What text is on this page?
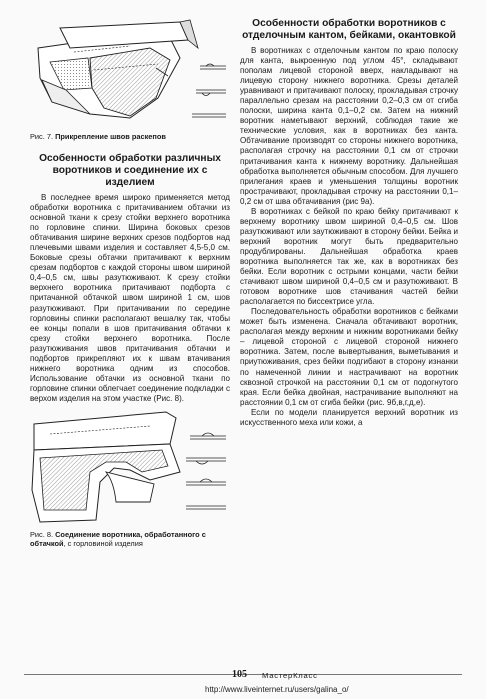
Рис. 7. Прикрепление швов раскепов
Особенности обработки различных воротников и соединение их с изделием

В последнее время широко применяется метод обработки воротника с притачиванием обтачки из основной ткани к срезу стойки верхнего воротника по горловине спинки. Ширина боковых срезов обтачивания ширине верхних срезов подбортов над плечевыми швами изделия и составляет 4,5-5,0 см. Боковые срезы обтачки притачивают к верхним срезам подбортов с каждой стороны швом шириной 0,4–0,5 см, швы разутюживают. К срезу стойки верхнего воротника притачивают подборта с притачанной обтачкой швом шириной 1 см, шов разутюживают. При притачивании по середине горловины спинки располагают вешалку так, чтобы ее концы попали в шов притачивания обтачки к срезу стойки верхнего воротника. После разутюживания швов притачивания обтачки и подбортов прикрепляют их к швам втачивания нижнего воротника одним из способов. Использование обтачки из основной ткани по горловине спинки облегчает соединение подкладки с верхом изделия на этом участке (Рис. 8).

Рис. 8. Соединение воротника, обработанного с обтачкой, с горловиной изделия
Особенности обработки воротников с отделочным кантом, бейками, окантовкой

В воротниках с отделочным кантом по краю полоску для канта, выкроенную под углом 45°, складывают пополам лицевой стороной вверх, накладывают на лицевую сторону нижнего воротника. Срезы деталей уравнивают и притачивают полоску, прокладывая строчку параллельно срезам на расстоянии 0,2–0,3 см от сгиба полоски, ширина канта 0,1–0,2 см. Затем на нижний воротник наметывают верхний, соблюдая такие же технические условия, как в воротниках без канта. Обтачивание производят со стороны нижнего воротника, располагая строчку на расстоянии 0,1 см от строчки притачивания канта к нижнему воротнику. Дальнейшая обработка выполняется обычным способом. Для лучшего прилегания краев и уменьшения толщины воротник прострачивают, прокладывая строчку на расстоянии 0,1–0,2 см от шва обтачивания (рис 9а).

В воротниках с бейкой по краю бейку притачивают к верхнему воротнику швом шириной 0,4–0,5 см. Шов разутюживают или заутюживают в сторону бейки. Бейка и верхний воротник могут быть предварительно продублированы. Дальнейшая обработка краев воротника выполняется так же, как в воротниках без бейки. Если воротник с острыми концами, части бейки стачивают швом шириной 0,4–0,5 см и разутюживают. В готовом воротнике шов стачивания частей бейки располагается по биссектрисе угла.

Последовательность обработки воротников с бейками может быть изменена. Сначала обтачивают воротник, располагая между верхним и нижним воротниками бейку – лицевой стороной с лицевой стороной нижнего воротника. Затем, после вывертывания, выметывания и приутюживания, срез бейки подгибают в сторону изнанки по намеченной линии и настрачивают на воротник сквозной строчкой на расстоянии 0,1 см от подогнутого края. Если бейка двойная, настрачивание выполняют на расстоянии 0,1 см от сгиба бейки (рис. 9б,в,г,д,е).

Если по модели планируется верхний воротник из искусственного меха или кожи, а

105 МастерКласс
http://www.liveinternet.ru/users/galina_o/
